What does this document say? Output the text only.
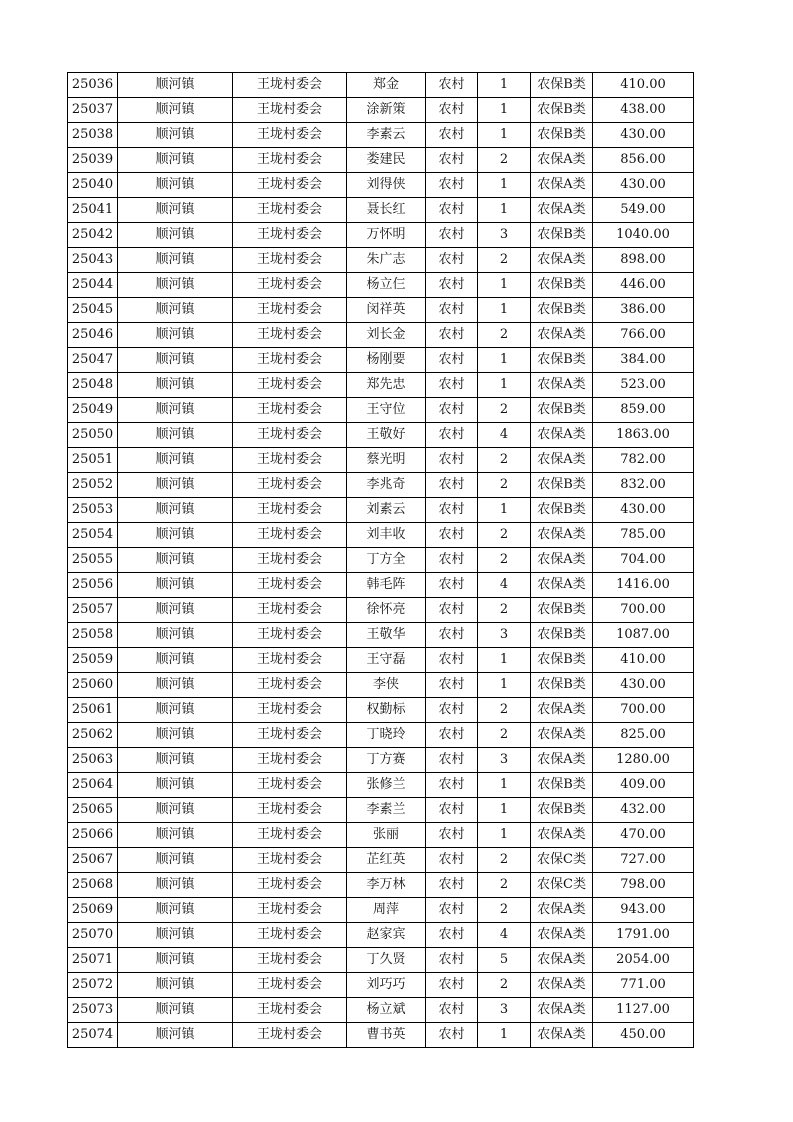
25036	顺河镇	王垅村委会	郑金	农村	1	农保B类	410.00
25037	顺河镇	王垅村委会	涂新策	农村	1	农保B类	438.00
25038	顺河镇	王垅村委会	李素云	农村	1	农保B类	430.00
25039	顺河镇	王垅村委会	娄建民	农村	2	农保A类	856.00
25040	顺河镇	王垅村委会	刘得侠	农村	1	农保A类	430.00
25041	顺河镇	王垅村委会	聂长红	农村	1	农保A类	549.00
25042	顺河镇	王垅村委会	万怀明	农村	3	农保B类	1040.00
25043	顺河镇	王垅村委会	朱广志	农村	2	农保A类	898.00
25044	顺河镇	王垅村委会	杨立仨	农村	1	农保B类	446.00
25045	顺河镇	王垅村委会	闵祥英	农村	1	农保B类	386.00
25046	顺河镇	王垅村委会	刘长金	农村	2	农保A类	766.00
25047	顺河镇	王垅村委会	杨刚要	农村	1	农保B类	384.00
25048	顺河镇	王垅村委会	郑先忠	农村	1	农保A类	523.00
25049	顺河镇	王垅村委会	王守位	农村	2	农保B类	859.00
25050	顺河镇	王垅村委会	王敬好	农村	4	农保A类	1863.00
25051	顺河镇	王垅村委会	蔡光明	农村	2	农保A类	782.00
25052	顺河镇	王垅村委会	李兆奇	农村	2	农保B类	832.00
25053	顺河镇	王垅村委会	刘素云	农村	1	农保B类	430.00
25054	顺河镇	王垅村委会	刘丰收	农村	2	农保A类	785.00
25055	顺河镇	王垅村委会	丁方全	农村	2	农保A类	704.00
25056	顺河镇	王垅村委会	韩毛阵	农村	4	农保A类	1416.00
25057	顺河镇	王垅村委会	徐怀亮	农村	2	农保B类	700.00
25058	顺河镇	王垅村委会	王敬华	农村	3	农保B类	1087.00
25059	顺河镇	王垅村委会	王守磊	农村	1	农保B类	410.00
25060	顺河镇	王垅村委会	李侠	农村	1	农保B类	430.00
25061	顺河镇	王垅村委会	权勤标	农村	2	农保A类	700.00
25062	顺河镇	王垅村委会	丁晓玲	农村	2	农保A类	825.00
25063	顺河镇	王垅村委会	丁方赛	农村	3	农保A类	1280.00
25064	顺河镇	王垅村委会	张修兰	农村	1	农保B类	409.00
25065	顺河镇	王垅村委会	李素兰	农村	1	农保B类	432.00
25066	顺河镇	王垅村委会	张丽	农村	1	农保A类	470.00
25067	顺河镇	王垅村委会	芷红英	农村	2	农保C类	727.00
25068	顺河镇	王垅村委会	李万林	农村	2	农保C类	798.00
25069	顺河镇	王垅村委会	周萍	农村	2	农保A类	943.00
25070	顺河镇	王垅村委会	赵家宾	农村	4	农保A类	1791.00
25071	顺河镇	王垅村委会	丁久贤	农村	5	农保A类	2054.00
25072	顺河镇	王垅村委会	刘巧巧	农村	2	农保A类	771.00
25073	顺河镇	王垅村委会	杨立斌	农村	3	农保A类	1127.00
25074	顺河镇	王垅村委会	曹书英	农村	1	农保A类	450.00
